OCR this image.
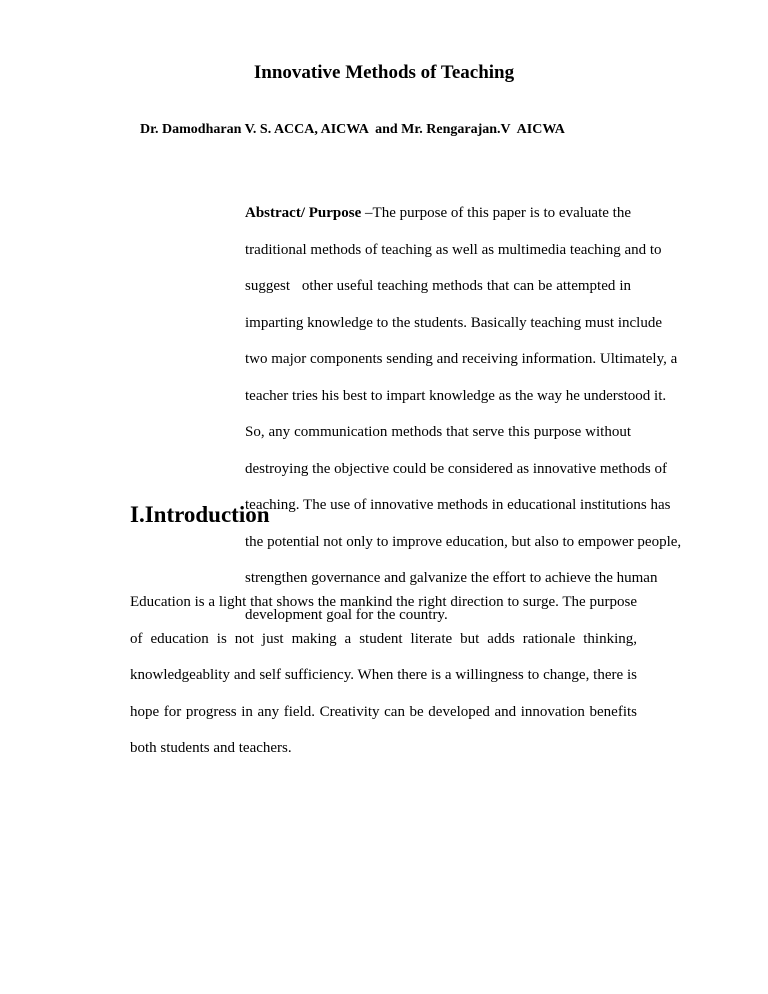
Innovative Methods of Teaching
Dr. Damodharan V. S. ACCA, AICWA  and Mr. Rengarajan.V  AICWA
Abstract/ Purpose –The purpose of this paper is to evaluate the
traditional methods of teaching as well as multimedia teaching and to
suggest   other useful teaching methods that can be attempted in
imparting knowledge to the students. Basically teaching must include
two major components sending and receiving information. Ultimately, a
teacher tries his best to impart knowledge as the way he understood it.
So, any communication methods that serve this purpose without
destroying the objective could be considered as innovative methods of
teaching. The use of innovative methods in educational institutions has
the potential not only to improve education, but also to empower people,
strengthen governance and galvanize the effort to achieve the human
development goal for the country.
I.Introduction
Education is a light that shows the mankind the right direction to surge. The purpose
of education is not just making a student literate but adds rationale thinking,
knowledgeablity and self sufficiency. When there is a willingness to change, there is
hope for progress in any field. Creativity can be developed and innovation benefits
both students and teachers.
